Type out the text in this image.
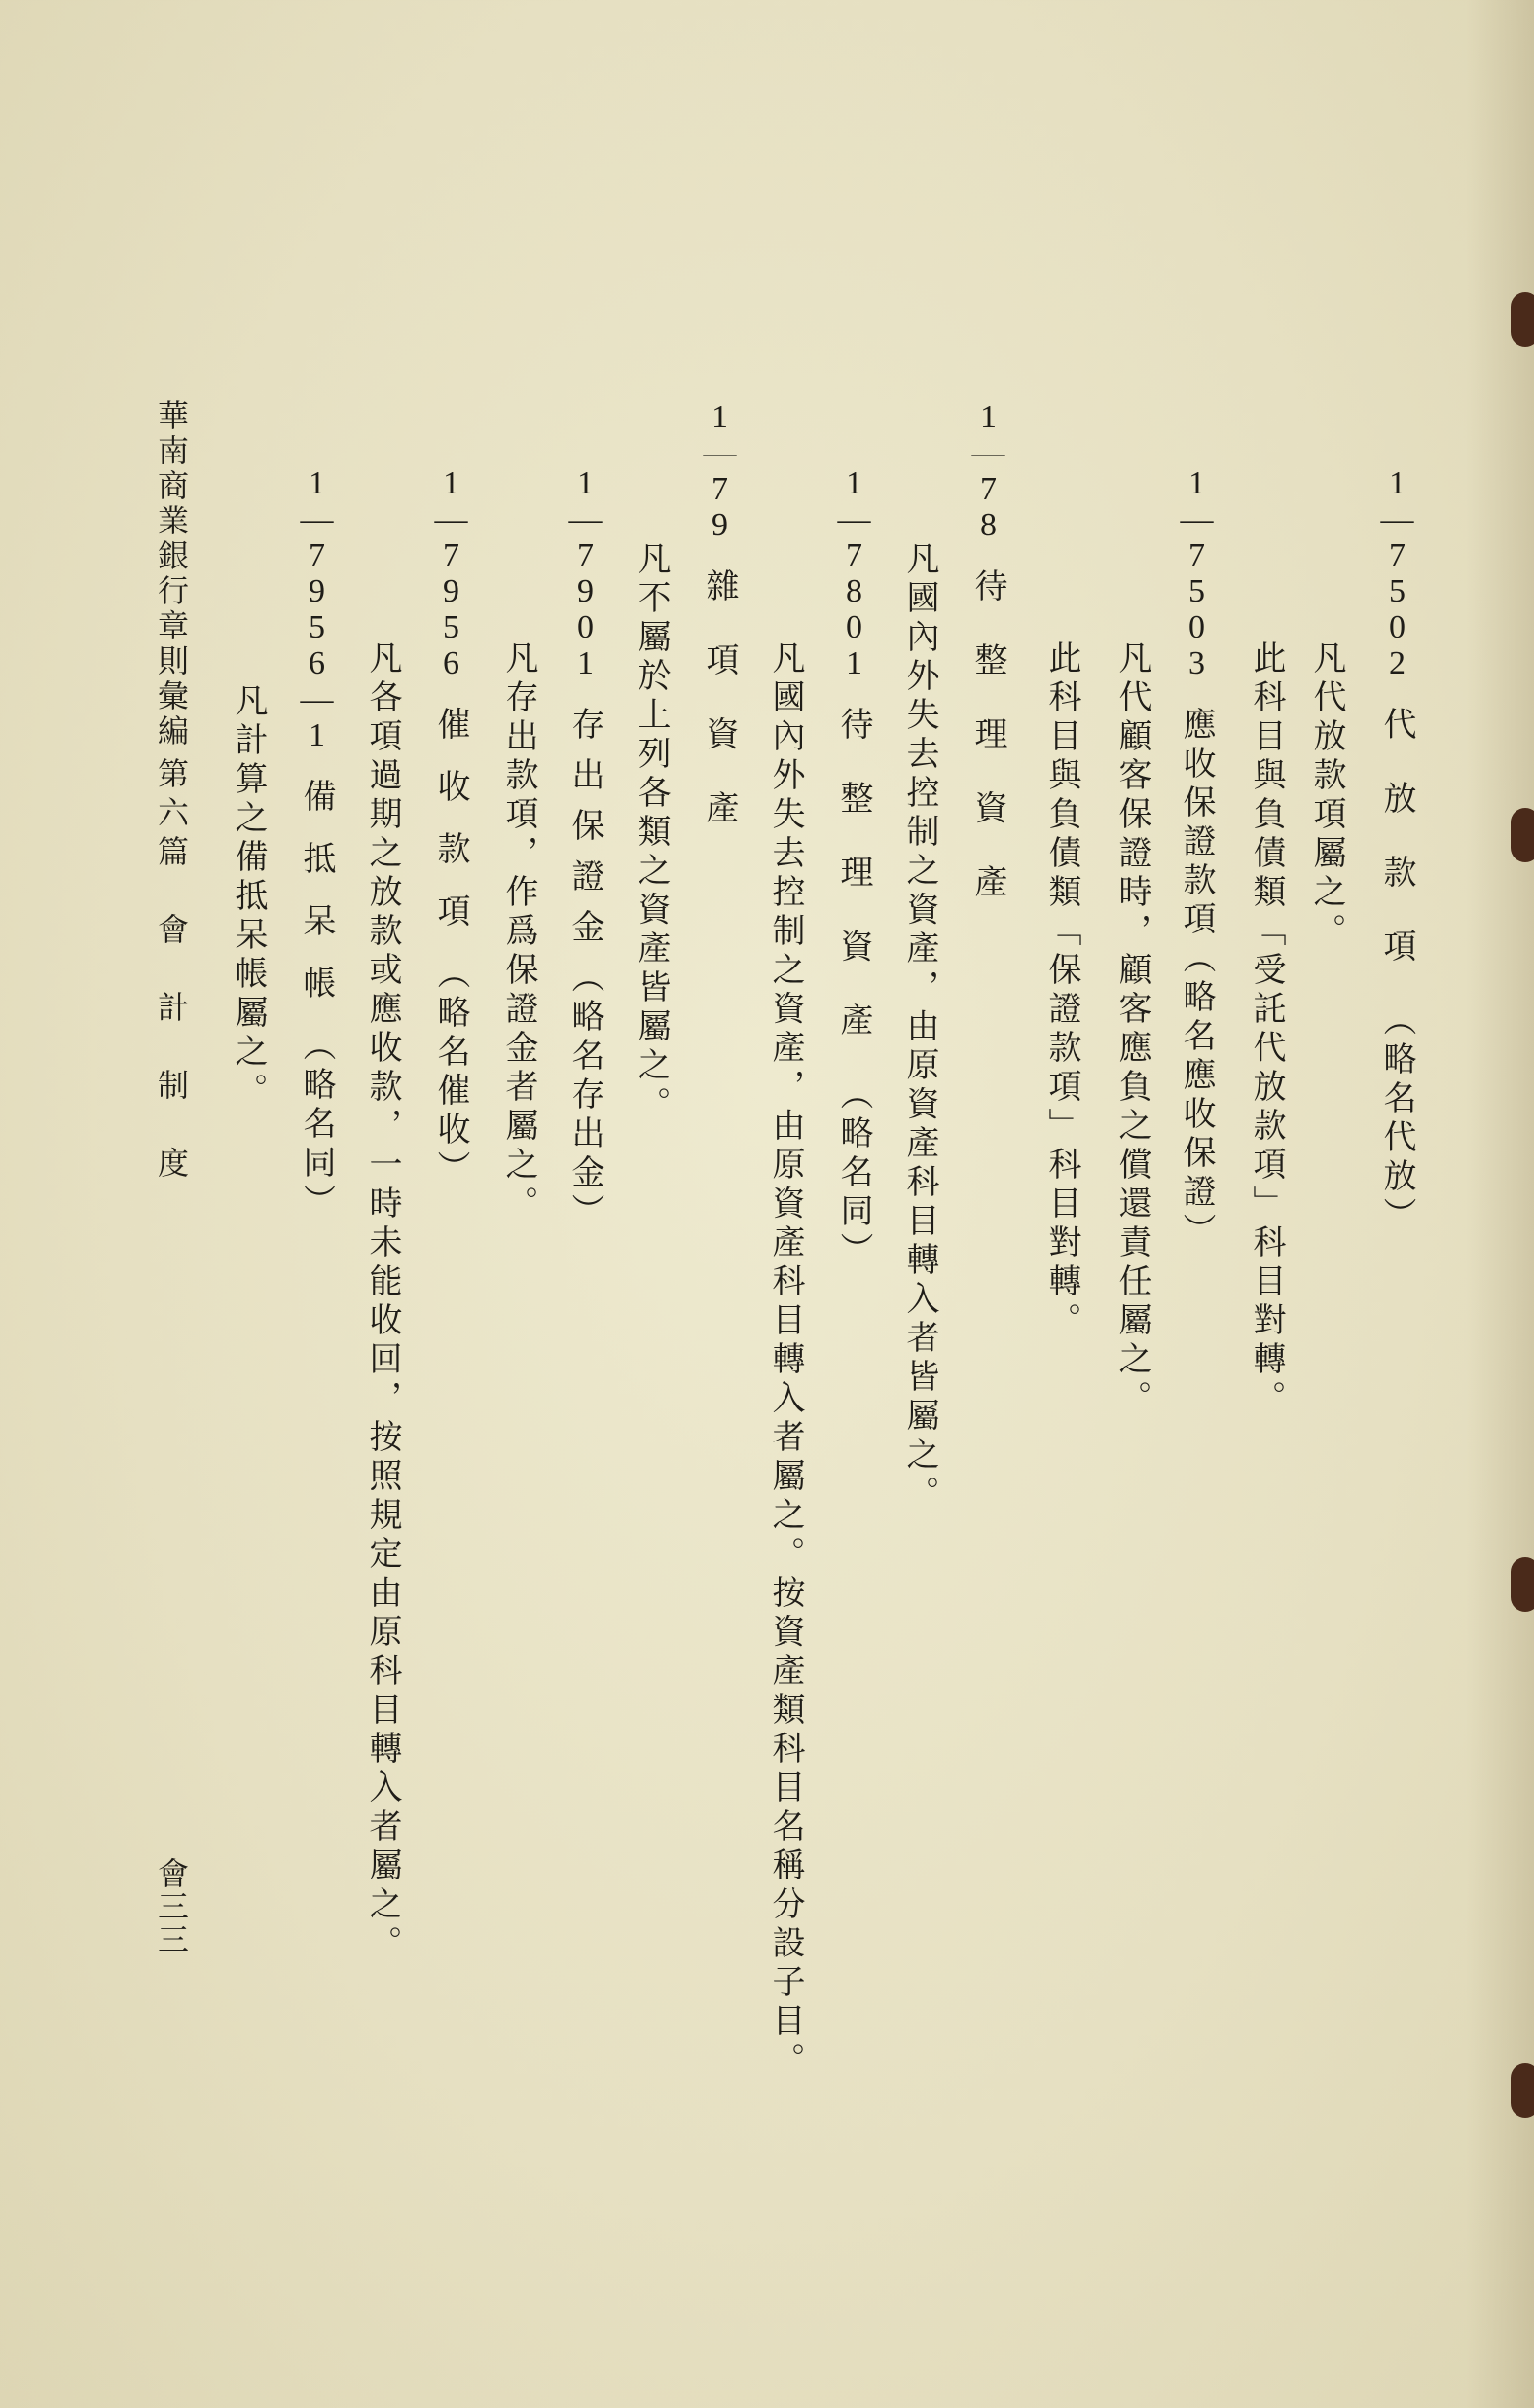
1—7502代放款項（略名代放）
凡代放款項屬之。
此科目與負債類「受託代放款項」科目對轉。
1—7503應收保證款項（略名應收保證）
凡代顧客保證時，顧客應負之償還責任屬之。
此科目與負債類「保證款項」科目對轉。
1—78待整理資產
凡國內外失去控制之資產，由原資產科目轉入者皆屬之。
1—7801待整理資產（略名同）
凡國內外失去控制之資產，由原資產科目轉入者屬之。按資產類科目名稱分設子目。
1—79雜項資產
凡不屬於上列各類之資產皆屬之。
1—7901存出保證金（略名存出金）
凡存出款項，作爲保證金者屬之。
1—7956催收款項（略名催收）
凡各項過期之放款或應收款，一時未能收回，按照規定由原科目轉入者屬之。
1—7956—1備抵呆帳（略名同）
凡計算之備抵呆帳屬之。
華南商業銀行章則彙編
第六篇　會　計　制　度
會三三
